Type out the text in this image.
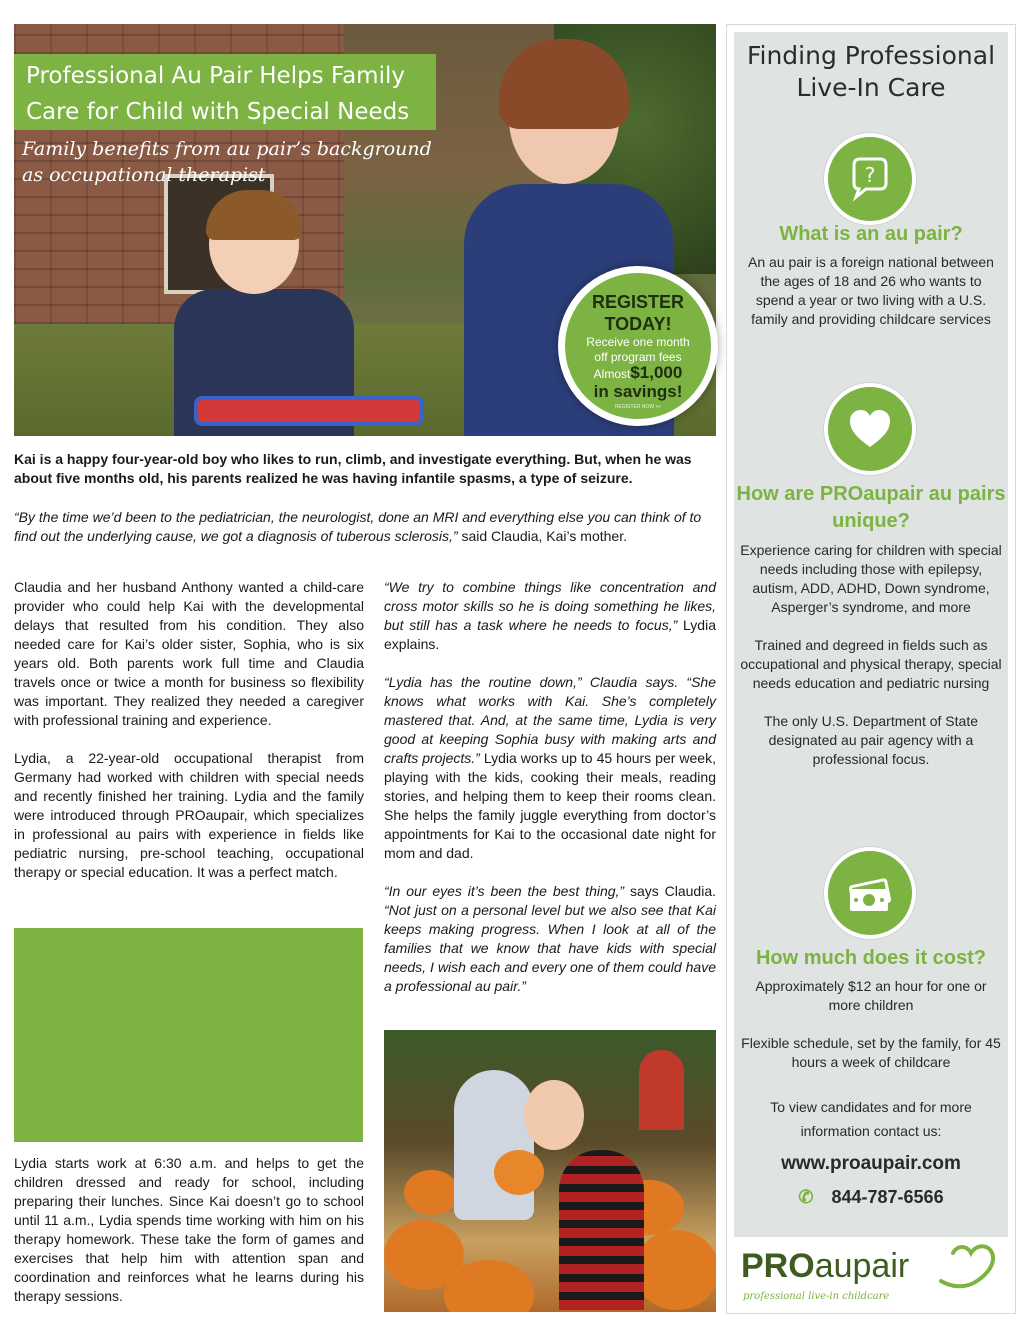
Professional Au Pair Helps Family Care for Child with Special Needs
Family benefits from au pair’s background as occupational therapist
REGISTER
TODAY!
Receive one month
off program fees
Almost$1,000
in savings!
REGISTER NOW »»
Kai is a happy four-year-old boy who likes to run, climb, and investigate everything. But, when he was about five months old, his parents realized he was having infantile spasms, a type of seizure.
“By the time we’d been to the pediatrician, the neurologist, done an MRI and everything else you can think of to find out the underlying cause, we got a diagnosis of tuberous sclerosis,” said Claudia, Kai’s mother.

Claudia and her husband Anthony wanted a child-care provider who could help Kai with the developmental delays that resulted from his condition. They also needed care for Kai’s older sister, Sophia, who is six years old. Both parents work full time and Claudia travels once or twice a month for business so flexibility was important. They realized they needed a caregiver with professional training and experience.

Lydia, a 22-year-old occupational therapist from Germany had worked with children with special needs and recently finished her training. Lydia and the family were introduced through PROaupair, which specializes in professional au pairs with experience in fields like pediatric nursing, pre-school teaching, occupational therapy or special education. It was a perfect match.

Lydia starts work at 6:30 a.m. and helps to get the children dressed and ready for school, including preparing their lunches. Since Kai doesn’t go to school until 11 a.m., Lydia spends time working with him on his therapy homework. These take the form of games and exercises that help him with attention span and coordination and reinforces what he learns during his therapy sessions.

“We try to combine things like concentration and cross motor skills so he is doing something he likes, but still has a task where he needs to focus,” Lydia explains.

“Lydia has the routine down,” Claudia says. “She knows what works with Kai. She’s completely mastered that. And, at the same time, Lydia is very good at keeping Sophia busy with making arts and crafts projects.” Lydia works up to 45 hours per week, playing with the kids, cooking their meals, reading stories, and helping them to keep their rooms clean. She helps the family juggle everything from doctor’s appointments for Kai to the occasional date night for mom and dad.

“In our eyes it’s been the best thing,” says Claudia. “Not just on a personal level but we also see that Kai keeps making progress. When I look at all of the families that we know that have kids with special needs, I wish each and every one of them could have a professional au pair.”

Finding Professional Live-In Care
?
What is an au pair?
An au pair is a foreign national between the ages of 18 and 26 who wants to spend a year or two living with a U.S. family and providing childcare services
How are PROaupair au pairs unique?

Experience caring for children with special needs including those with epilepsy, autism, ADD, ADHD, Down syndrome, Asperger’s syndrome, and more

Trained and degreed in fields such as occupational and physical therapy, special needs education and pediatric nursing

The only U.S. Department of State designated au pair agency with a professional focus.

How much does it cost?

Approximately $12 an hour for one or more children

Flexible schedule, set by the family, for 45 hours a week of childcare

To view candidates and for more information contact us:
www.proaupair.com
✆ 844-787-6566
PROaupair
professional live-in childcare
